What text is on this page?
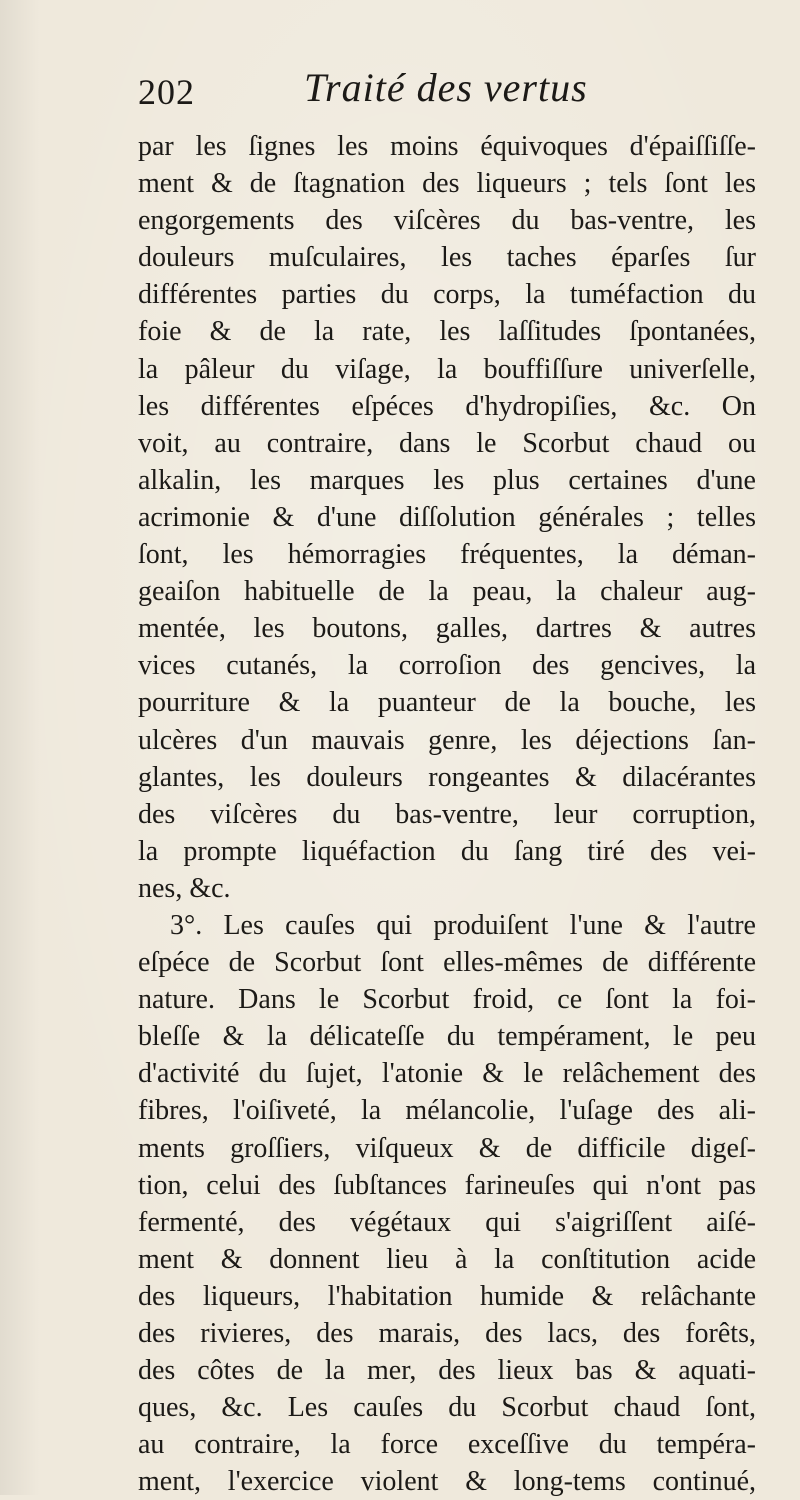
202	Traité des vertus
par les ſignes les moins équivoques d'épaiſſiſſe-
ment & de ſtagnation des liqueurs ; tels ſont les
engorgements des viſcères du bas-ventre, les
douleurs muſculaires, les taches éparſes ſur
différentes parties du corps, la tuméfaction du
foie & de la rate, les laſſitudes ſpontanées,
la pâleur du viſage, la bouffiſſure univerſelle,
les différentes eſpéces d'hydropiſies, &c. On
voit, au contraire, dans le Scorbut chaud ou
alkalin, les marques les plus certaines d'une
acrimonie & d'une diſſolution générales ; telles
ſont, les hémorragies fréquentes, la déman-
geaiſon habituelle de la peau, la chaleur aug-
mentée, les boutons, galles, dartres & autres
vices cutanés, la corroſion des gencives, la
pourriture & la puanteur de la bouche, les
ulcères d'un mauvais genre, les déjections ſan-
glantes, les douleurs rongeantes & dilacérantes
des viſcères du bas-ventre, leur corruption,
la prompte liquéfaction du ſang tiré des vei-
nes, &c.
3°. Les cauſes qui produiſent l'une & l'autre
eſpéce de Scorbut ſont elles-mêmes de différente
nature. Dans le Scorbut froid, ce ſont la foi-
bleſſe & la délicateſſe du tempérament, le peu
d'activité du ſujet, l'atonie & le relâchement des
fibres, l'oiſiveté, la mélancolie, l'uſage des ali-
ments groſſiers, viſqueux & de difficile digeſ-
tion, celui des ſubſtances farineuſes qui n'ont pas
fermenté, des végétaux qui s'aigriſſent aiſé-
ment & donnent lieu à la conſtitution acide
des liqueurs, l'habitation humide & relâchante
des rivieres, des marais, des lacs, des forêts,
des côtes de la mer, des lieux bas & aquati-
ques, &c. Les cauſes du Scorbut chaud ſont,
au contraire, la force exceſſive du tempéra-
ment, l'exercice violent & long-tems continué,
